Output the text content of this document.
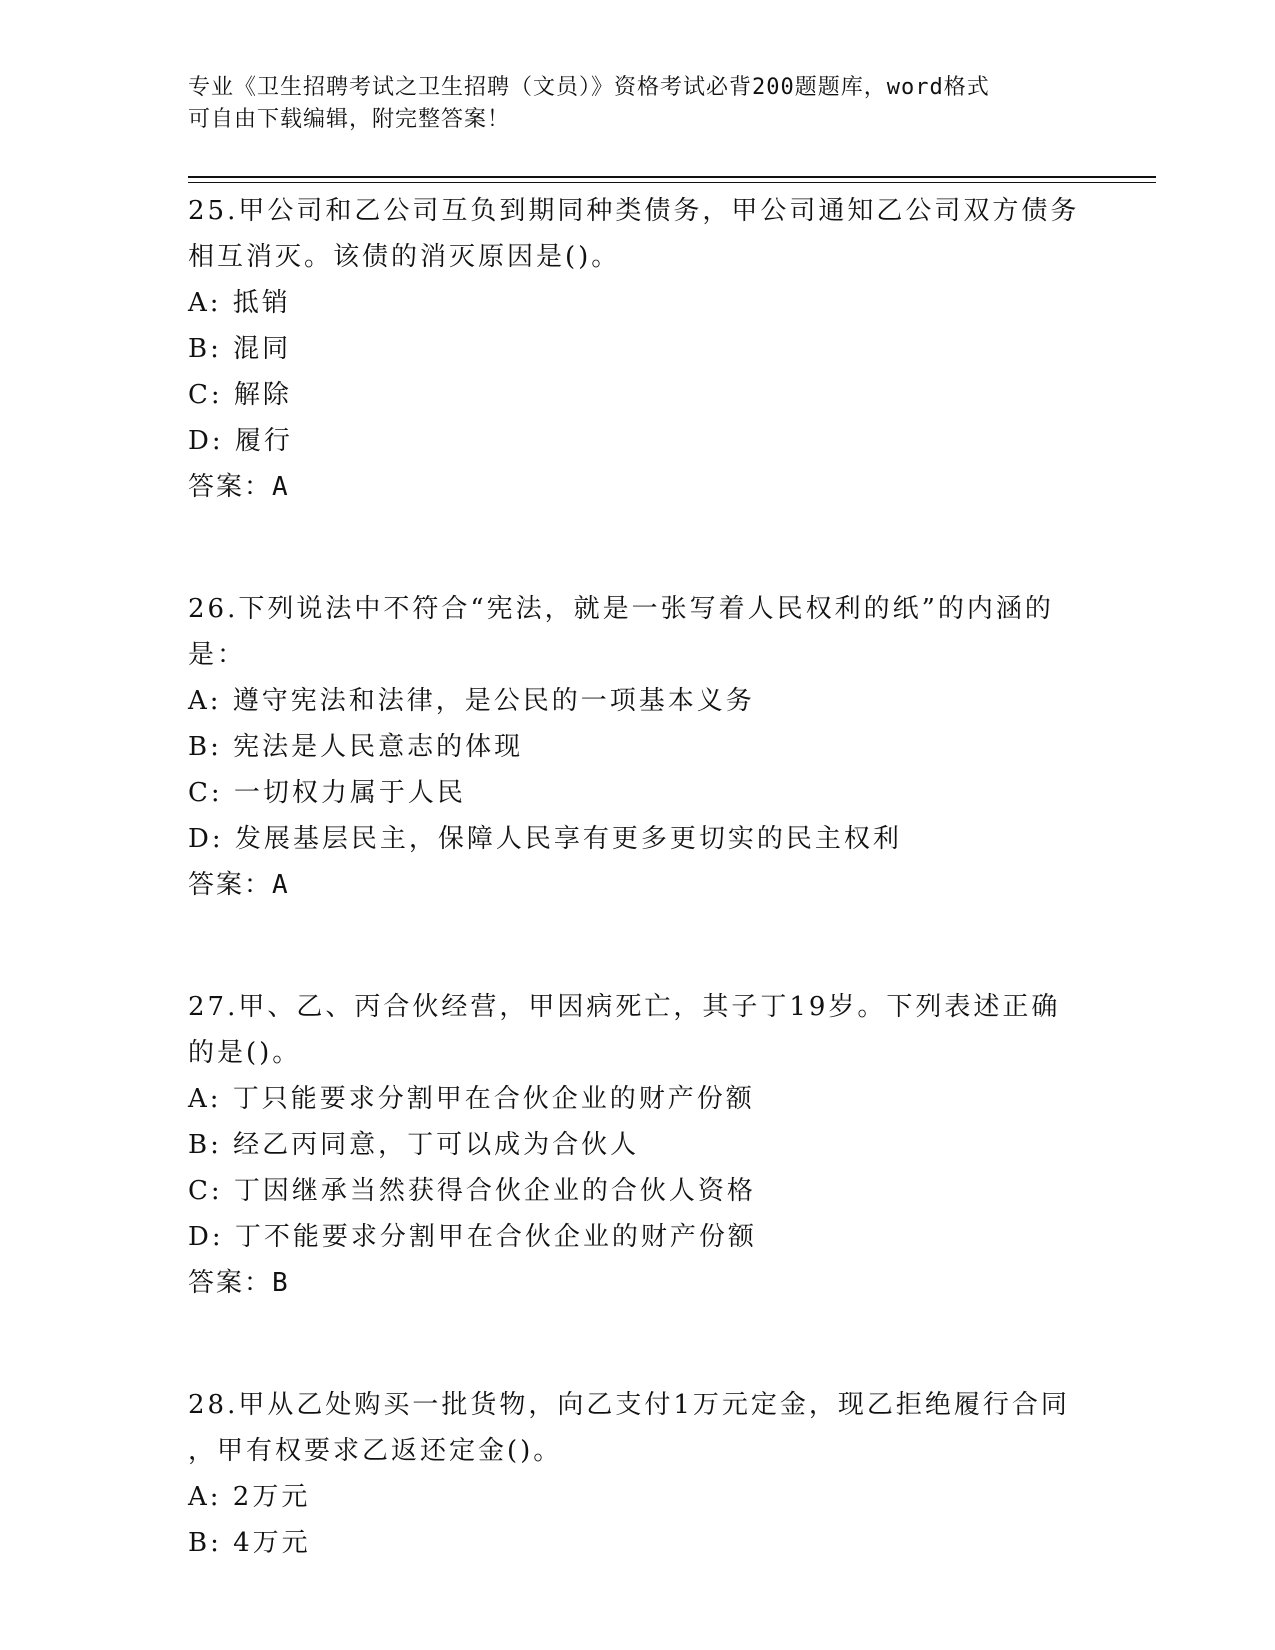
专业《卫生招聘考试之卫生招聘（文员）》资格考试必背200题题库，word格式
可自由下载编辑，附完整答案！
25.甲公司和乙公司互负到期同种类债务，甲公司通知乙公司双方债务
相互消灭。该债的消灭原因是()。
A: 抵销
B: 混同
C: 解除
D: 履行
答案：A
26.下列说法中不符合“宪法，就是一张写着人民权利的纸”的内涵的
是：
A: 遵守宪法和法律，是公民的一项基本义务
B: 宪法是人民意志的体现
C: 一切权力属于人民
D: 发展基层民主，保障人民享有更多更切实的民主权利
答案：A
27.甲、乙、丙合伙经营，甲因病死亡，其子丁19岁。下列表述正确
的是()。
A: 丁只能要求分割甲在合伙企业的财产份额
B: 经乙丙同意，丁可以成为合伙人
C: 丁因继承当然获得合伙企业的合伙人资格
D: 丁不能要求分割甲在合伙企业的财产份额
答案：B
28.甲从乙处购买一批货物，向乙支付1万元定金，现乙拒绝履行合同
，甲有权要求乙返还定金()。
A: 2万元
B: 4万元
